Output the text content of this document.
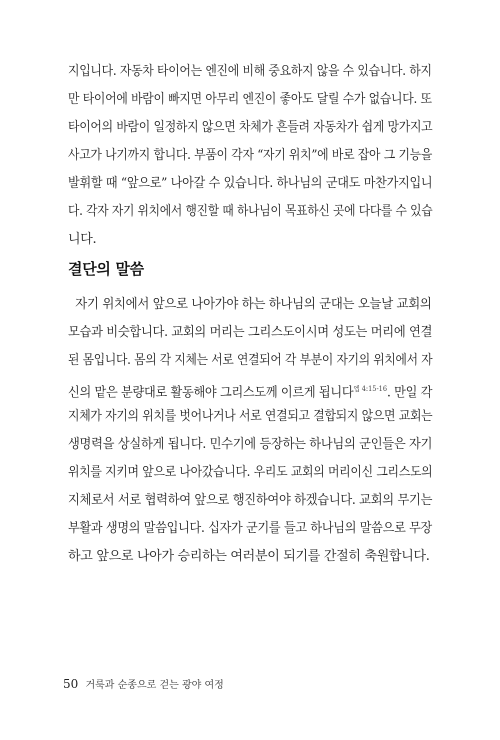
지입니다. 자동차 타이어는 엔진에 비해 중요하지 않을 수 있습니다. 하지
만 타이어에 바람이 빠지면 아무리 엔진이 좋아도 달릴 수가 없습니다. 또
타이어의 바람이 일정하지 않으면 차체가 흔들려 자동차가 쉽게 망가지고
사고가 나기까지 합니다. 부품이 각자 “자기 위치”에 바로 잡아 그 기능을
발휘할 때 “앞으로” 나아갈 수 있습니다. 하나님의 군대도 마찬가지입니
다. 각자 자기 위치에서 행진할 때 하나님이 목표하신 곳에 다다를 수 있습
니다.
결단의 말씀
자기 위치에서 앞으로 나아가야 하는 하나님의 군대는 오늘날 교회의
모습과 비슷합니다. 교회의 머리는 그리스도이시며 성도는 머리에 연결
된 몸입니다. 몸의 각 지체는 서로 연결되어 각 부분이 자기의 위치에서 자
신의 맡은 분량대로 활동해야 그리스도께 이르게 됩니다$^{엡 4:15-16}$. 만일 각
지체가 자기의 위치를 벗어나거나 서로 연결되고 결합되지 않으면 교회는
생명력을 상실하게 됩니다. 민수기에 등장하는 하나님의 군인들은 자기
위치를 지키며 앞으로 나아갔습니다. 우리도 교회의 머리이신 그리스도의
지체로서 서로 협력하여 앞으로 행진하여야 하겠습니다. 교회의 무기는
부활과 생명의 말씀입니다. 십자가 군기를 들고 하나님의 말씀으로 무장
하고 앞으로 나아가 승리하는 여러분이 되기를 간절히 축원합니다.
50 거룩과 순종으로 걷는 광야 여정
